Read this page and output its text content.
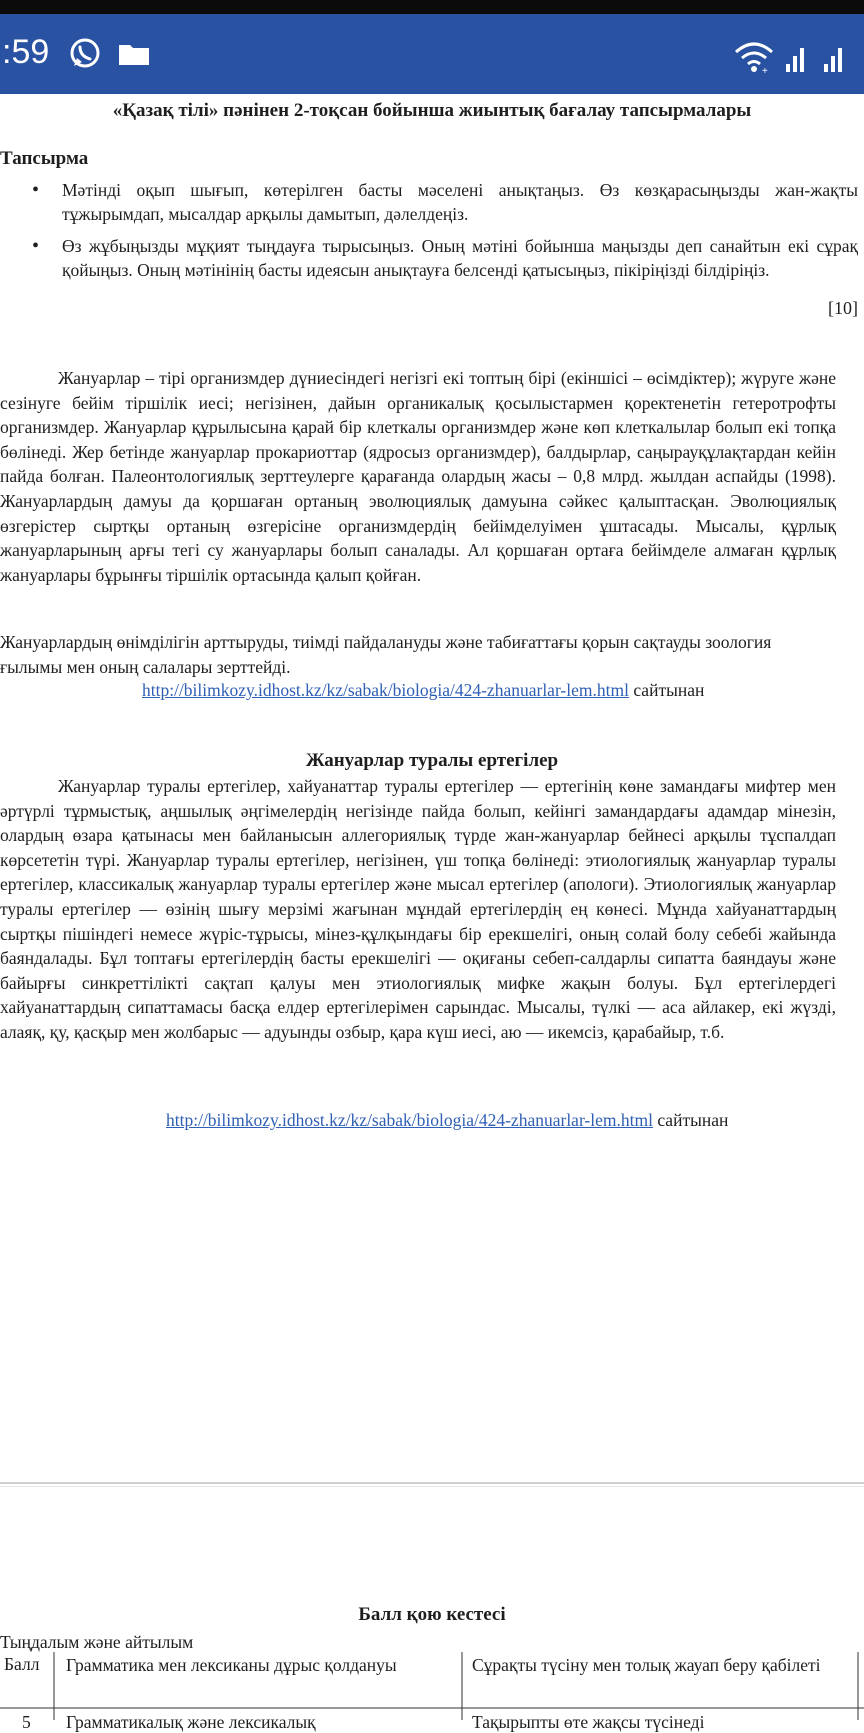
:59
+
«Қазақ тілі» пәнінен 2-тоқсан бойынша жиынтық бағалау тапсырмалары
Тапсырма
• Мәтінді оқып шығып, көтерілген басты мәселені анықтаңыз. Өз көзқарасыңызды жан-жақты тұжырымдап, мысалдар арқылы дамытып, дәлелдеңіз.
• Өз жұбыңызды мұқият тыңдауға тырысыңыз. Оның мәтіні бойынша маңызды деп санайтын екі сұрақ қойыңыз. Оның мәтінінің басты идеясын анықтауға белсенді қатысыңыз, пікіріңізді білдіріңіз.
[10]

Жануарлар – тірі организмдер дүниесіндегі негізгі екі топтың бірі (екіншісі – өсімдіктер); жүруге және сезінуге бейім тіршілік иесі; негізінен, дайын органикалық қосылыстармен қоректенетін гетеротрофты организмдер. Жануарлар құрылысына қарай бір клеткалы организмдер және көп клеткалылар болып екі топқа бөлінеді. Жер бетінде жануарлар прокариоттар (ядросыз организмдер), балдырлар, саңырауқұлақтардан кейін пайда болған. Палеонтологиялық зерттеулерге қарағанда олардың жасы – 0,8 млрд. жылдан аспайды (1998). Жануарлардың дамуы да қоршаған ортаның эволюциялық дамуына сәйкес қалыптасқан. Эволюциялық өзгерістер сыртқы ортаның өзгерісіне организмдердің бейімделуімен ұштасады. Мысалы, құрлық жануарларының арғы тегі су жануарлары болып саналады. Ал қоршаған ортаға бейімделе алмаған құрлық жануарлары бұрынғы тіршілік ортасында қалып қойған.

Жануарлардың өнімділігін арттыруды, тиімді пайдалануды және табиғаттағы қорын сақтауды зоология ғылымы мен оның салалары зерттейді.

http://bilimkozy.idhost.kz/kz/sabak/biologia/424-zhanuarlar-lem.html сайтынан
Жануарлар туралы ертегілер

Жануарлар туралы ертегілер, хайуанаттар туралы ертегілер — ертегінің көне замандағы мифтер мен әртүрлі тұрмыстық, аңшылық әңгімелердің негізінде пайда болып, кейінгі замандардағы адамдар мінезін, олардың өзара қатынасы мен байланысын аллегориялық түрде жан-жануарлар бейнесі арқылы тұспалдап көрсететін түрі. Жануарлар туралы ертегілер, негізінен, үш топқа бөлінеді: этиологиялық жануарлар туралы ертегілер, классикалық жануарлар туралы ертегілер және мысал ертегілер (апологи). Этиологиялық жануарлар туралы ертегілер — өзінің шығу мерзімі жағынан мұндай ертегілердің ең көнесі. Мұнда хайуанаттардың сыртқы пішіндегі немесе жүріс-тұрысы, мінез-құлқындағы бір ерекшелігі, оның солай болу себебі жайында баяндалады. Бұл топтағы ертегілердің басты ерекшелігі — оқиғаны себеп-салдарлы сипатта баяндауы және байырғы синкреттілікті сақтап қалуы мен этиологиялық мифке жақын болуы. Бұл ертегілердегі хайуанаттардың сипаттамасы басқа елдер ертегілерімен сарындас. Мысалы, түлкі — аса айлакер, екі жүзді, алаяқ, қу, қасқыр мен жолбарыс — адуынды озбыр, қара күш иесі, аю — икемсіз, қарабайыр, т.б.

http://bilimkozy.idhost.kz/kz/sabak/biologia/424-zhanuarlar-lem.html сайтынан
Балл қою кестесі
Тыңдалым және айтылым
Балл Грамматика мен лексиканы дұрыс қолдануы	Сұрақты түсіну мен толық жауап беру қабілеті
5 Грамматикалық және лексикалық	Тақырыпты өте жақсы түсінеді
